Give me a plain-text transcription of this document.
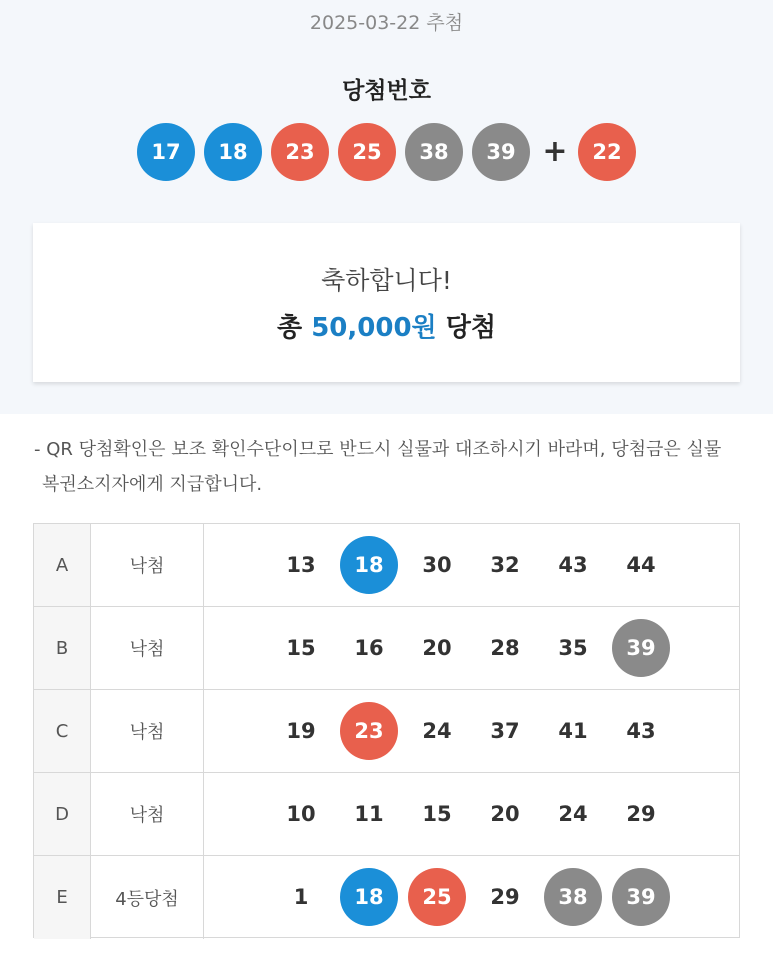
2025-03-22 추첨
당첨번호
17	18	23	25	38	39 +	22
축하합니다!
총 50,000원 당첨
- QR 당첨확인은 보조 확인수단이므로 반드시 실물과 대조하시기 바라며, 당첨금은 실물
복권소지자에게 지급합니다.
A	낙첨	13	18	30	32	43	44
B	낙첨	15	16	20	28	35	39
C	낙첨	19	23	24	37	41	43
D	낙첨	10	11	15	20	24	29
E	4등당첨	1	18	25	29	38	39
